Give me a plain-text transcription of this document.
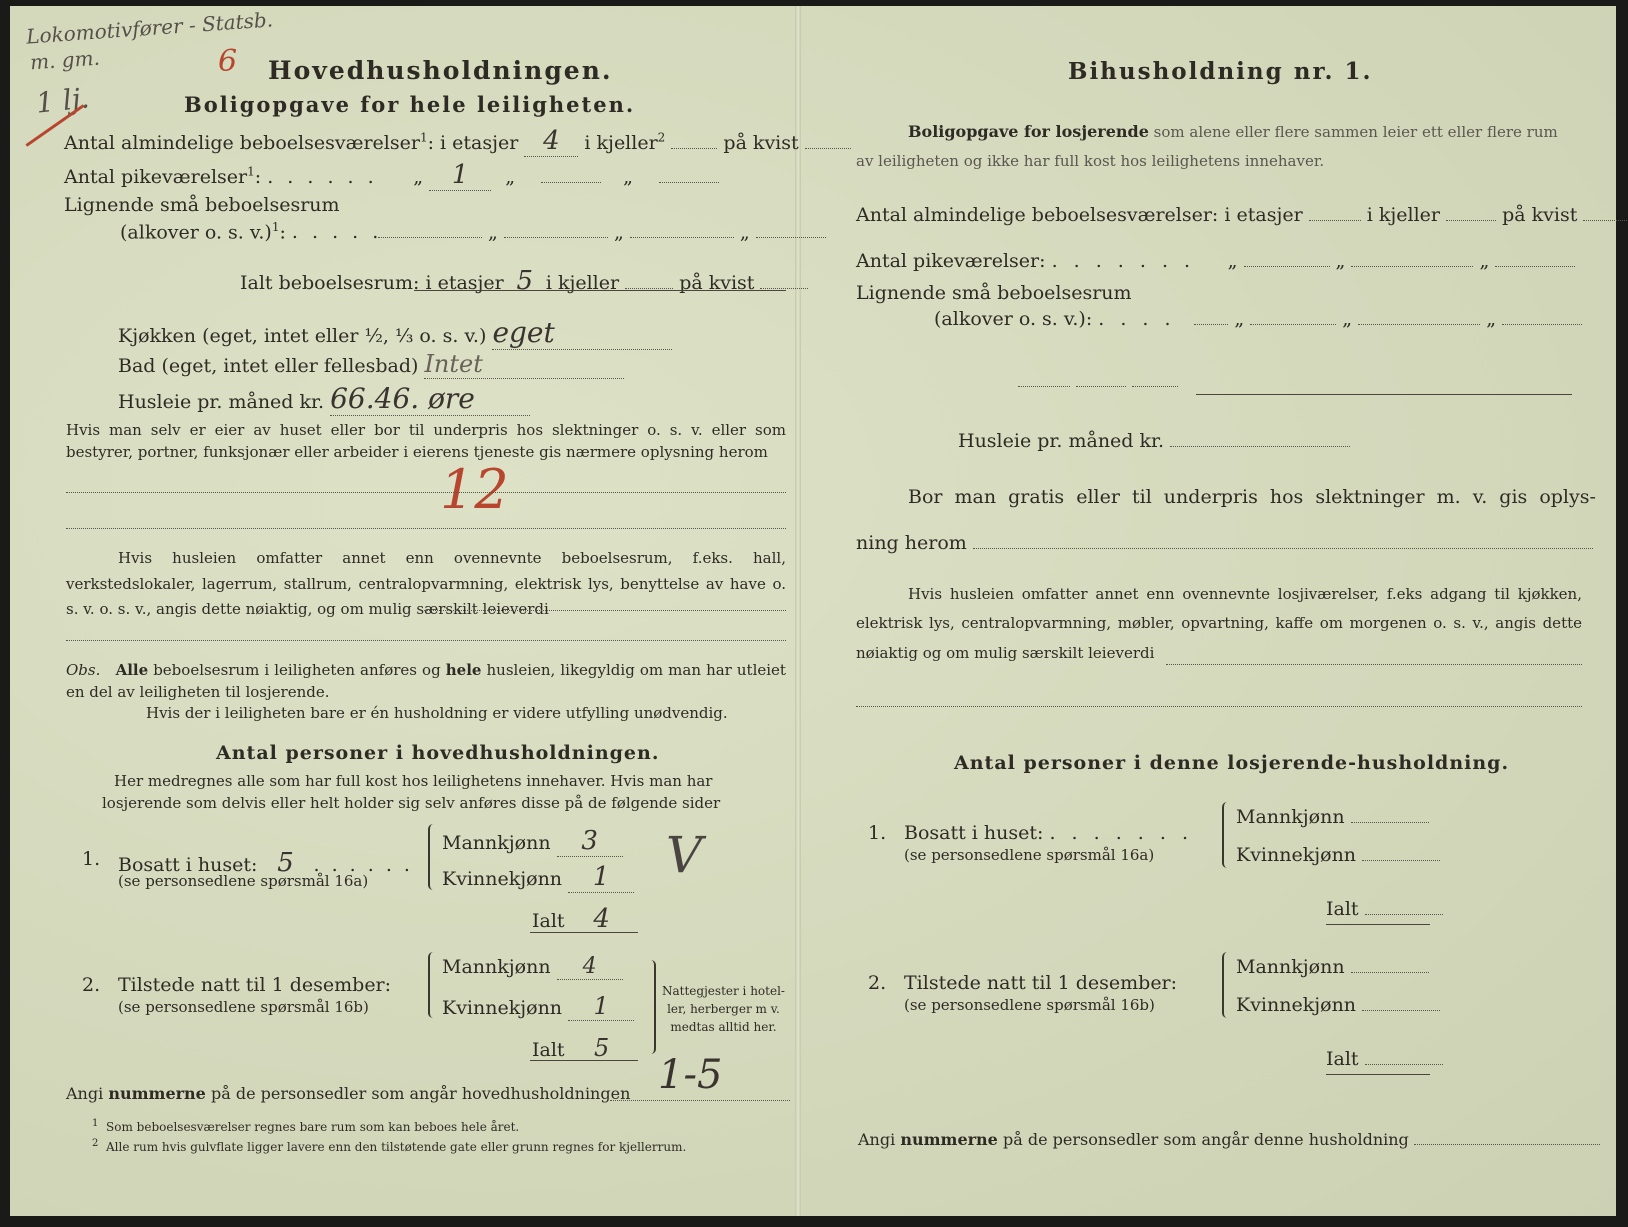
Lokomotivfører - Statsb.
m. gm.	6
1 lj.
Hovedhusholdningen.
Boligopgave for hele leiligheten.
Antal almindelige beboelsesværelser$^1$: i etasjer 4 i kjeller$^2$	på kvist
Antal pikeværelser$^1$: . . . . . . „ 1 „	„
Lignende små beboelsesrum
(alkover o. s. v.)$^1$: . . . . .	„	„	„
Ialt beboelsesrum: i etasjer 5 i kjeller	på kvist
Kjøkken (eget, intet eller ½, ⅓ o. s. v.) eget
Bad (eget, intet eller fellesbad) Intet
Husleie pr. måned kr. 66.46. øre
Hvis man selv er eier av huset eller bor til underpris hos slektninger o. s. v. eller som bestyrer, portner, funksjonær eller arbeider i eierens tjeneste gis nærmere oplysning herom
12
Hvis husleien omfatter annet enn ovennevnte beboelsesrum, f.eks. hall, verkstedslokaler, lagerrum, stallrum, centralopvarmning, elektrisk lys, benyttelse av have o. s. v. o. s. v., angis dette nøiaktig, og om mulig særskilt leieverdi
Obs. Alle beboelsesrum i leiligheten anføres og hele husleien, likegyldig om man har utleiet en del av leiligheten til losjerende.
Hvis der i leiligheten bare er én husholdning er videre utfylling unødvendig.
Antal personer i hovedhusholdningen.
Her medregnes alle som har full kost hos leilighetens innehaver. Hvis man har
losjerende som delvis eller helt holder sig selv anføres disse på de følgende sider
1. Bosatt i huset: 5 . . . . . .
(se personsedlene spørsmål 16a)
Mannkjønn 3
Kvinnekjønn 1	V
Ialt 4
2. Tilstede natt til 1 desember:
(se personsedlene spørsmål 16b)
Mannkjønn 4
Kvinnekjønn 1
Nattegjester i hotel-
ler, herberger m v.
medtas alltid her.
Ialt 5
Angi nummerne på de personsedler som angår hovedhusholdningen 1-5
$^1$ Som beboelsesværelser regnes bare rum som kan beboes hele året.
$^2$ Alle rum hvis gulvflate ligger lavere enn den tilstøtende gate eller grunn regnes for kjellerrum.
Bihusholdning nr. 1.
Boligopgave for losjerende som alene eller flere sammen leier ett eller flere rum
av leiligheten og ikke har full kost hos leilighetens innehaver.
Antal almindelige beboelsesværelser: i etasjer	i kjeller	på kvist
Antal pikeværelser: . . . . . . . „	„	„
Lignende små beboelsesrum
(alkover o. s. v.): . . . .	„	„	„

Husleie pr. måned kr.
Bor man gratis eller til underpris hos slektninger m. v. gis oplys-
ning herom
Hvis husleien omfatter annet enn ovennevnte losjiværelser, f.eks adgang til kjøkken, elektrisk lys, centralopvarmning, møbler, opvartning, kaffe om morgenen o. s. v., angis dette nøiaktig og om mulig særskilt leieverdi
Antal personer i denne losjerende-husholdning.
1. Bosatt i huset: . . . . . . .
(se personsedlene spørsmål 16a)
Mannkjønn
Kvinnekjønn
Ialt
2. Tilstede natt til 1 desember:
(se personsedlene spørsmål 16b)
Mannkjønn
Kvinnekjønn
Ialt
Angi nummerne på de personsedler som angår denne husholdning
